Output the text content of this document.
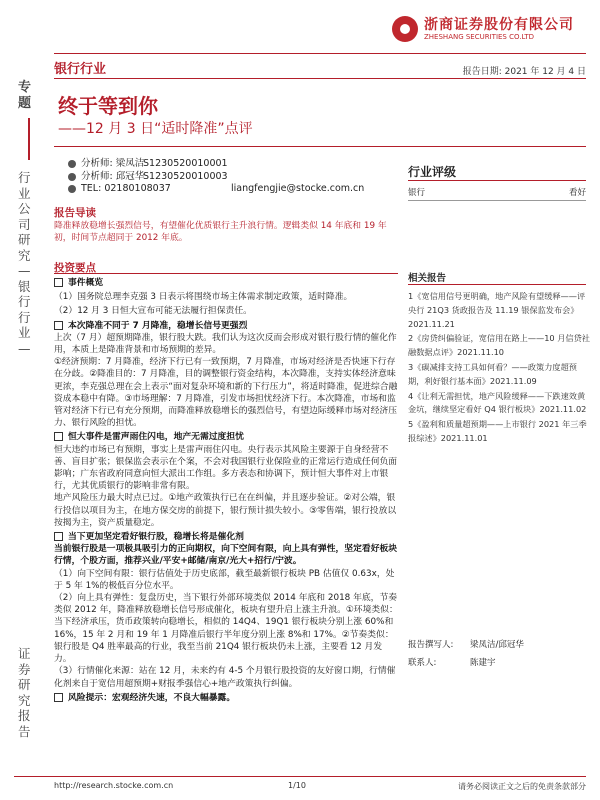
浙商证券股份有限公司
ZHESHANG SECURITIES CO.LTD
银行行业	报告日期: 2021 年 12 月 4 日
专题
行业公司研究—银行行业—
证券研究报告
终于等到你
——12 月 3 日“适时降准”点评
分析师: 梁凤洁
S1230520010001
分析师: 邱冠华
S1230520010003
TEL: 02180108037	liangfengjie@stocke.com.cn
报告导读

降准释放稳增长强烈信号，有望催化优质银行主升浪行情。逻辑类似 14 年底和 19 年初，时间节点超同于 2012 年底。

投资要点

事件概览

（1）国务院总理李克强 3 日表示将围绕市场主体需求制定政策，适时降准。

（2）12 月 3 日恒大宣布可能无法履行担保责任。

本次降准不同于 7 月降准，稳增长信号更强烈

上次（7 月）超预期降准，银行股大跌。我们认为这次反而会形成对银行股行情的催化作用，本质上是降准背景和市场预期的差异。

①经济预期：7 月降准，经济下行已有一致预期，7 月降准，市场对经济是否快速下行存在分歧。②降准目的：7 月降准，目的调整银行资金结构，本次降准，支持实体经济意味更浓，李克强总理在会上表示“面对复杂环境和新的下行压力”，将适时降准，促进综合融资成本稳中有降。③市场理解：7 月降准，引发市场担忧经济下行。本次降准，市场和监管对经济下行已有充分预期，而降准释放稳增长的强烈信号，有望边际缓释市场对经济压力、银行风险的担忧。

恒大事件是雷声雨住闪电，地产无需过度担忧

恒大违约市场已有预期，事实上是雷声雨住闪电。央行表示其风险主要源于自身经营不善、盲目扩张；银保监会表示在个案，不会对我国银行业保险业的正常运行造成任何负面影响；广东省政府同意向恒大派出工作组。多方表态和协调下，预计恒大事件对上市银行，尤其优质银行的影响非常有限。

地产风险压力最大时点已过。①地产政策执行已在在纠偏，并且逐步验证。②对公端，银行投信以项目为主，在地方保交房的前提下，银行预计损失较小。③零售端，银行投放以按揭为主，资产质量稳定。

当下更加坚定看好银行股，稳增长将是催化剂

当前银行股是一项极具吸引力的正向期权，向下空间有限，向上具有弹性，坚定看好板块行情，个股方面，推荐兴业/平安+邮储/南京/光大+招行/宁波。

（1）向下空间有限：银行估值处于历史底部，截至最新银行板块 PB 估值仅 0.63x，处于 5 年 1%的极低百分位水平。

（2）向上具有弹性：复盘历史，当下银行外部环境类似 2014 年底和 2018 年底，节奏类似 2012 年，降准释放稳增长信号形成催化，板块有望升启上涨主升浪。①环境类似：当下经济承压，货币政策转向稳增长，相似的 14Q4、19Q1 银行板块分别上涨 60%和 16%，15 年 2 月和 19 年 1 月降准后银行半年度分别上涨 8%和 17%。②节奏类似：银行股是 Q4 胜率最高的行业，我至当前 21Q4 银行板块仍未上涨，主要看 12 月发力。

（3）行情催化来源：站在 12 月，未来约有 4-5 个月银行股投资的友好窗口期，行情催化剂来自于宽信用超预期+财报季强信心+地产政策执行纠偏。

风险提示：宏观经济失速，不良大幅暴露。

行业评级
银行	看好
相关报告

1《宽信用信号更明确，地产风险有望缓释——评央行 21Q3 货政报告及 11.19 银保监发布会》2021.11.21

2《房贷纠偏验证，宽信用在路上——10 月信贷社融数据点评》2021.11.10

3《碳减排支持工具如何看？——政策力度超预期，利好银行基本面》2021.11.09

4《让利无需担忧，地产风险缓释——下跌速效黄金坑，继续坚定看好 Q4 银行板块》2021.11.02

5《盈利和质量超预期——上市银行 2021 年三季报综述》2021.11.01

报告撰写人:	梁凤洁/邱冠华
联系人:	陈建宇
http://research.stocke.com.cn	1/10	请务必阅读正文之后的免责条款部分
